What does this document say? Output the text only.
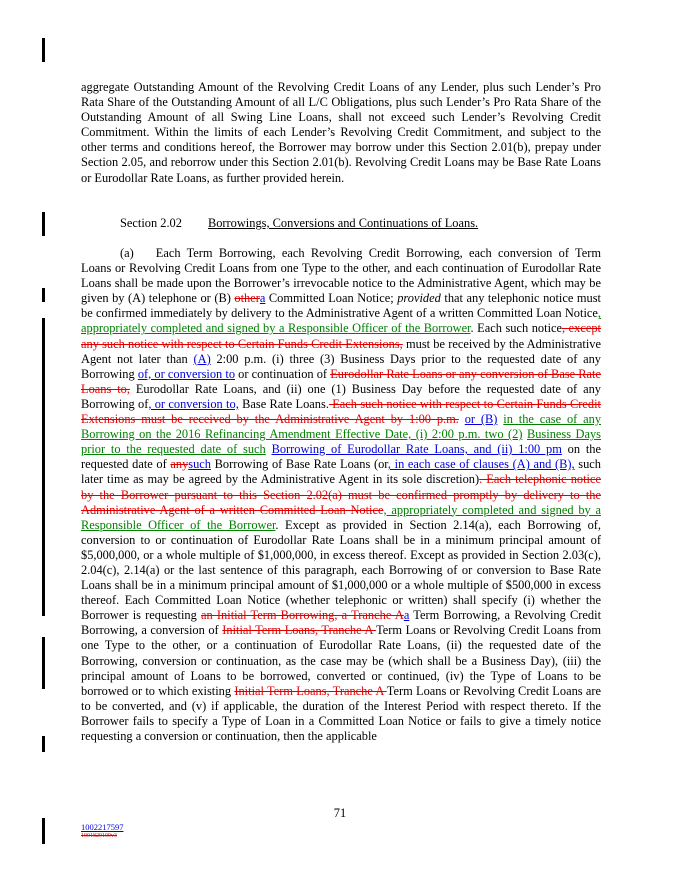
aggregate Outstanding Amount of the Revolving Credit Loans of any Lender, plus such Lender’s Pro Rata Share of the Outstanding Amount of all L/C Obligations, plus such Lender’s Pro Rata Share of the Outstanding Amount of all Swing Line Loans, shall not exceed such Lender’s Revolving Credit Commitment. Within the limits of each Lender’s Revolving Credit Commitment, and subject to the other terms and conditions hereof, the Borrower may borrow under this Section 2.01(b), prepay under Section 2.05, and reborrow under this Section 2.01(b). Revolving Credit Loans may be Base Rate Loans or Eurodollar Rate Loans, as further provided herein.
Section 2.02 Borrowings, Conversions and Continuations of Loans.
(a) Each Term Borrowing, each Revolving Credit Borrowing, each conversion of Term Loans or Revolving Credit Loans from one Type to the other, and each continuation of Eurodollar Rate Loans shall be made upon the Borrower’s irrevocable notice to the Administrative Agent, which may be given by (A) telephone or (B) othera Committed Loan Notice; provided that any telephonic notice must be confirmed immediately by delivery to the Administrative Agent of a written Committed Loan Notice, appropriately completed and signed by a Responsible Officer of the Borrower. Each such notice, except any such notice with respect to Certain Funds Credit Extensions, must be received by the Administrative Agent not later than (A) 2:00 p.m. (i) three (3) Business Days prior to the requested date of any Borrowing of, or conversion to or continuation of Eurodollar Rate Loans or any conversion of Base Rate Loans to, Eurodollar Rate Loans, and (ii) one (1) Business Day before the requested date of any Borrowing of, or conversion to, Base Rate Loans. Each such notice with respect to Certain Funds Credit Extensions must be received by the Administrative Agent by 1:00 p.m. or (B) in the case of any Borrowing on the 2016 Refinancing Amendment Effective Date, (i) 2:00 p.m. two (2) Business Days prior to the requested date of such Borrowing of Eurodollar Rate Loans, and (ii) 1:00 pm on the requested date of anysuch Borrowing of Base Rate Loans (or, in each case of clauses (A) and (B), such later time as may be agreed by the Administrative Agent in its sole discretion). Each telephonic notice by the Borrower pursuant to this Section 2.02(a) must be confirmed promptly by delivery to the Administrative Agent of a written Committed Loan Notice, appropriately completed and signed by a Responsible Officer of the Borrower. Except as provided in Section 2.14(a), each Borrowing of, conversion to or continuation of Eurodollar Rate Loans shall be in a minimum principal amount of $5,000,000, or a whole multiple of $1,000,000, in excess thereof. Except as provided in Section 2.03(c), 2.04(c), 2.14(a) or the last sentence of this paragraph, each Borrowing of or conversion to Base Rate Loans shall be in a minimum principal amount of $1,000,000 or a whole multiple of $500,000 in excess thereof. Each Committed Loan Notice (whether telephonic or written) shall specify (i) whether the Borrower is requesting an Initial Term Borrowing, a Tranche Aa Term Borrowing, a Revolving Credit Borrowing, a conversion of Initial Term Loans, Tranche A Term Loans or Revolving Credit Loans from one Type to the other, or a continuation of Eurodollar Rate Loans, (ii) the requested date of the Borrowing, conversion or continuation, as the case may be (which shall be a Business Day), (iii) the principal amount of Loans to be borrowed, converted or continued, (iv) the Type of Loans to be borrowed or to which existing Initial Term Loans, Tranche A Term Loans or Revolving Credit Loans are to be converted, and (v) if applicable, the duration of the Interest Period with respect thereto. If the Borrower fails to specify a Type of Loan in a Committed Loan Notice or fails to give a timely notice requesting a conversion or continuation, then the applicable
71
1002217597
1001820109v3
